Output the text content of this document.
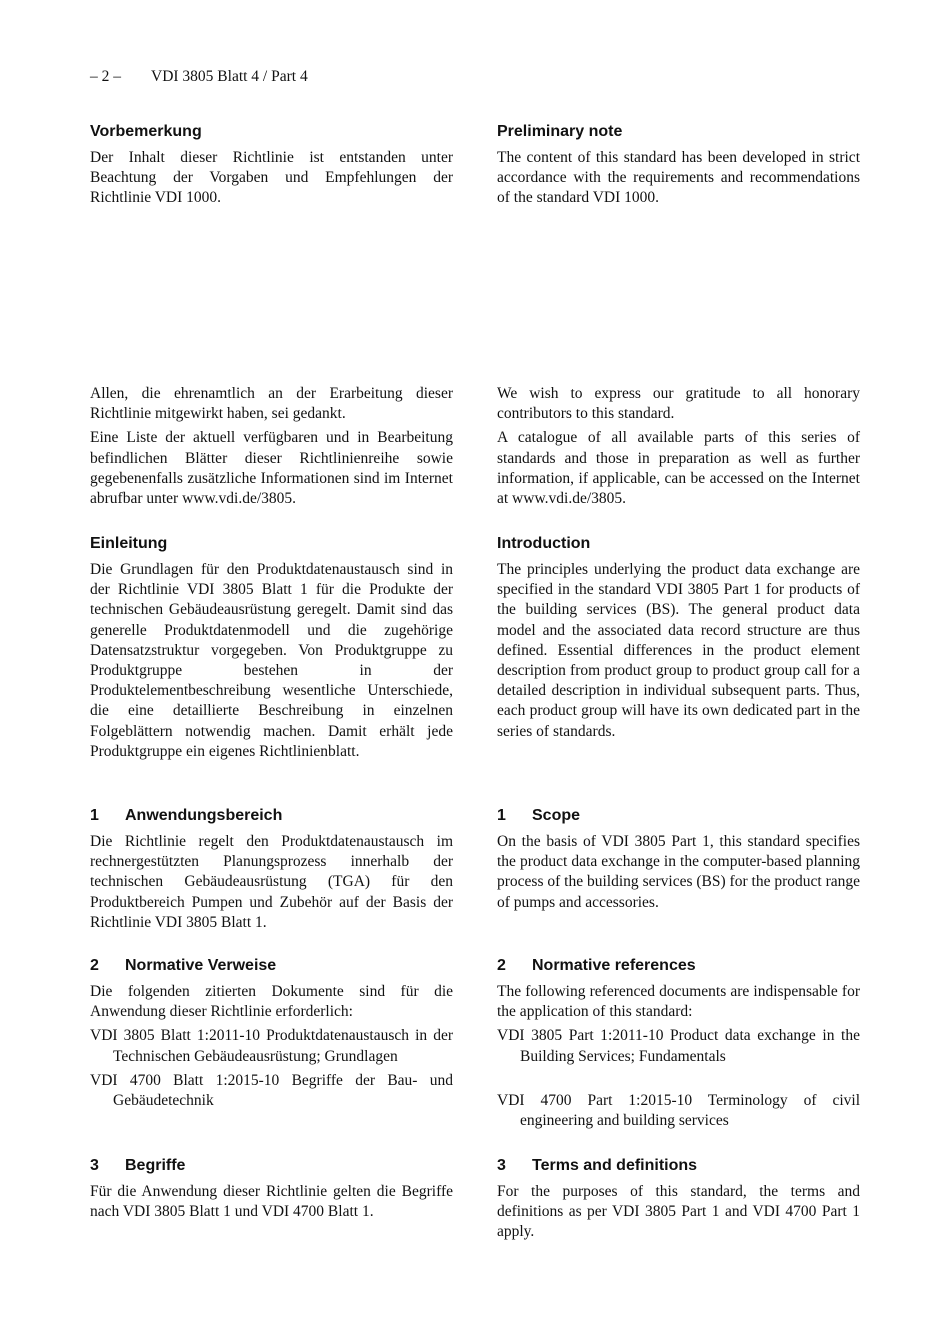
– 2 – VDI 3805 Blatt 4 / Part 4
Vorbemerkung

Der Inhalt dieser Richtlinie ist entstanden unter Beachtung der Vorgaben und Empfehlungen der Richtlinie VDI 1000.

Allen, die ehrenamtlich an der Erarbeitung dieser Richtlinie mitgewirkt haben, sei gedankt.

Eine Liste der aktuell verfügbaren und in Bearbeitung befindlichen Blätter dieser Richtlinienreihe sowie gegebenenfalls zusätzliche Informationen sind im Internet abrufbar unter www.vdi.de/3805.

Einleitung

Die Grundlagen für den Produktdatenaustausch sind in der Richtlinie VDI 3805 Blatt 1 für die Produkte der technischen Gebäudeausrüstung geregelt. Damit sind das generelle Produktdatenmodell und die zugehörige Datensatzstruktur vorgegeben. Von Produktgruppe zu Produktgruppe bestehen in der Produktelementbeschreibung wesentliche Unterschiede, die eine detaillierte Beschreibung in einzelnen Folgeblättern notwendig machen. Damit erhält jede Produktgruppe ein eigenes Richtlinienblatt.

1 Anwendungsbereich

Die Richtlinie regelt den Produktdatenaustausch im rechnergestützten Planungsprozess innerhalb der technischen Gebäudeausrüstung (TGA) für den Produktbereich Pumpen und Zubehör auf der Basis der Richtlinie VDI 3805 Blatt 1.

2 Normative Verweise

Die folgenden zitierten Dokumente sind für die Anwendung dieser Richtlinie erforderlich:

VDI 3805 Blatt 1:2011-10 Produktdatenaustausch in der Technischen Gebäudeausrüstung; Grundlagen

VDI 4700 Blatt 1:2015-10 Begriffe der Bau- und Gebäudetechnik

3 Begriffe

Für die Anwendung dieser Richtlinie gelten die Begriffe nach VDI 3805 Blatt 1 und VDI 4700 Blatt 1.

Preliminary note

The content of this standard has been developed in strict accordance with the requirements and recommendations of the standard VDI 1000.

We wish to express our gratitude to all honorary contributors to this standard.

A catalogue of all available parts of this series of standards and those in preparation as well as further information, if applicable, can be accessed on the Internet at www.vdi.de/3805.

Introduction

The principles underlying the product data exchange are specified in the standard VDI 3805 Part 1 for products of the building services (BS). The general product data model and the associated data record structure are thus defined. Essential differences in the product element description from product group to product group call for a detailed description in individual subsequent parts. Thus, each product group will have its own dedicated part in the series of standards.

1 Scope

On the basis of VDI 3805 Part 1, this standard specifies the product data exchange in the computer-based planning process of the building services (BS) for the product range of pumps and accessories.

2 Normative references

The following referenced documents are indispensable for the application of this standard:

VDI 3805 Part 1:2011-10 Product data exchange in the Building Services; Fundamentals

VDI 4700 Part 1:2015-10 Terminology of civil engineering and building services

3 Terms and definitions

For the purposes of this standard, the terms and definitions as per VDI 3805 Part 1 and VDI 4700 Part 1 apply.
